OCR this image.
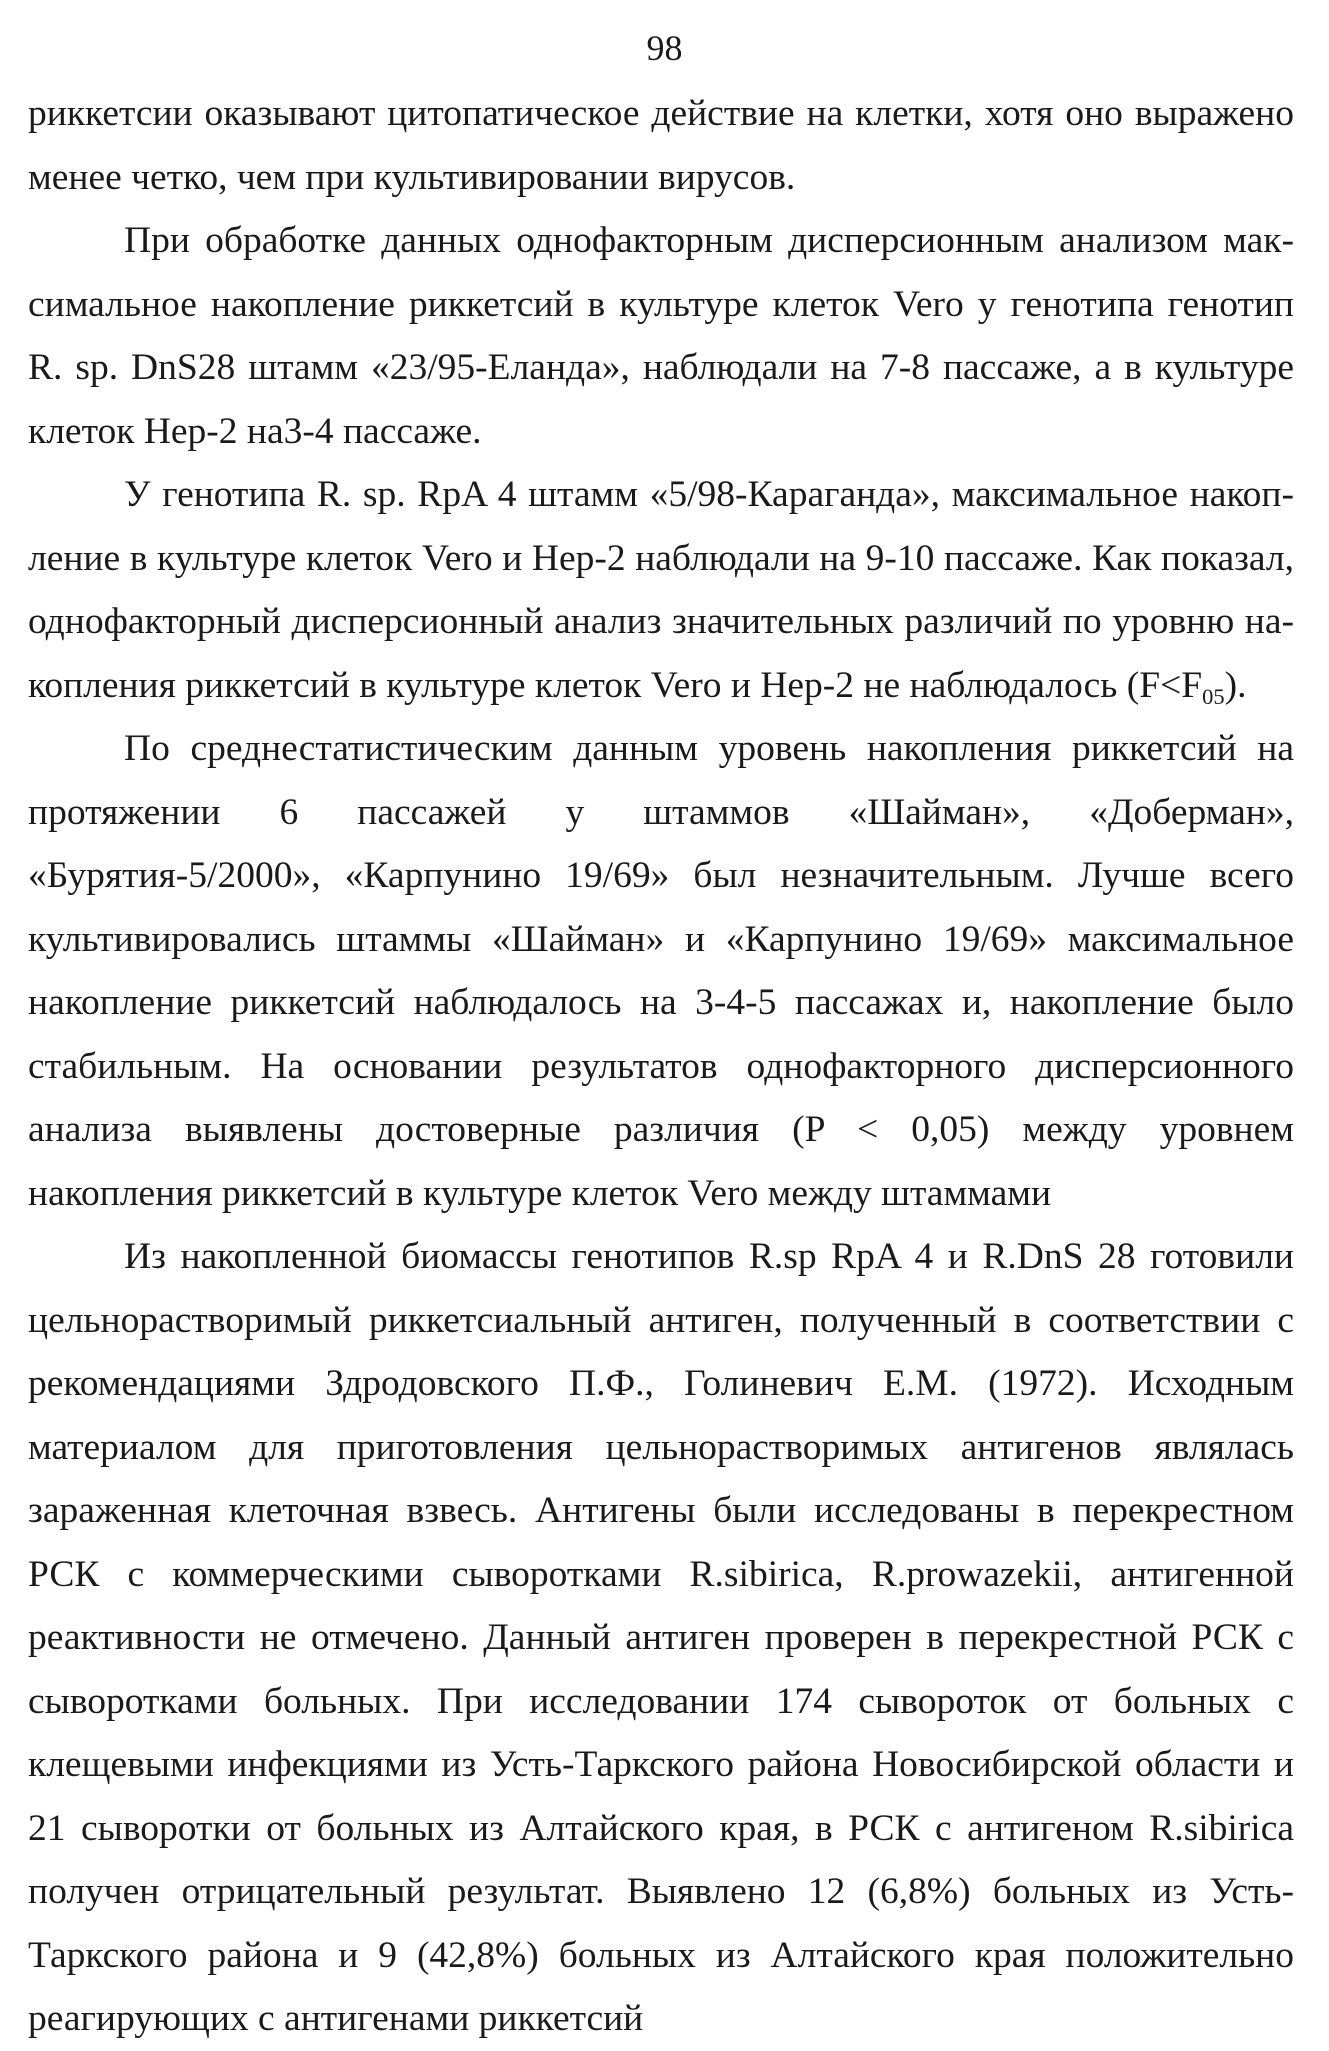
98

риккетсии оказывают цитопатическое действие на клетки, хотя оно выражено менее четко, чем при культивировании вирусов.

При обработке данных однофакторным дисперсионным анализом максимальное накопление риккетсий в культуре клеток Vero у генотипа генотип R. sp. DnS28 штамм «23/95-Еланда», наблюдали на 7-8 пассаже, а в культуре клеток Hep-2 на3-4 пассаже.

У генотипа R. sp. RpA 4 штамм «5/98-Караганда», максимальное накопление в культуре клеток Vero и Hep-2 наблюдали на 9-10 пассаже. Как показал, однофакторный дисперсионный анализ значительных различий по уровню накопления риккетсий в культуре клеток Vero и Hep-2 не наблюдалось $(F<F_{05})$.

По среднестатистическим данным уровень накопления риккетсий на протяжении 6 пассажей у штаммов «Шайман», «Доберман», «Бурятия-5/2000», «Карпунино 19/69» был незначительным. Лучше всего культивировались штаммы «Шайман» и «Карпунино 19/69» максимальное накопление риккетсий наблюдалось на 3-4-5 пассажах и, накопление было стабильным. На основании результатов однофакторного дисперсионного анализа выявлены достоверные различия (P < 0,05) между уровнем накопления риккетсий в культуре клеток Vero между штаммами

Из накопленной биомассы генотипов R.sp RpA 4 и R.DnS 28 готовили цельнорастворимый риккетсиальный антиген, полученный в соответствии с рекомендациями Здродовского П.Ф., Голиневич Е.М. (1972). Исходным материалом для приготовления цельнорастворимых антигенов являлась зараженная клеточная взвесь. Антигены были исследованы в перекрестном РСК с коммерческими сыворотками R.sibirica, R.prowazekii, антигенной реактивности не отмечено. Данный антиген проверен в перекрестной РСК с сыворотками больных. При исследовании 174 сывороток от больных с клещевыми инфекциями из Усть-Таркского района Новосибирской области и 21 сыворотки от больных из Алтайского края, в РСК с антигеном R.sibirica получен отрицательный результат. Выявлено 12 (6,8%) больных из Усть-Таркского района и 9 (42,8%) больных из Алтайского края положительно реагирующих с антигенами риккетсий
